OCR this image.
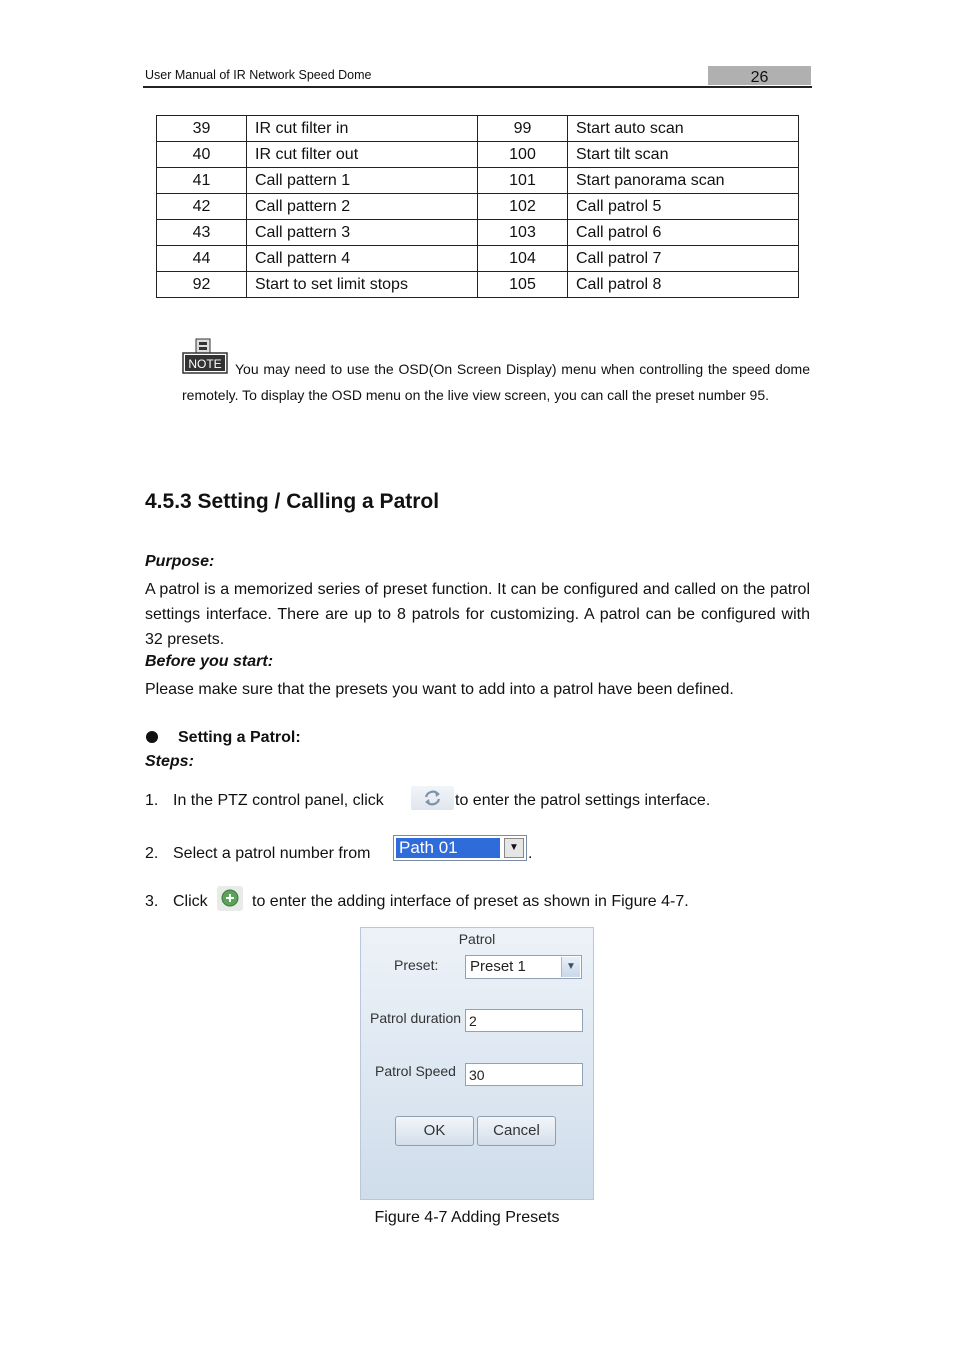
User Manual of IR Network Speed Dome	26
39	IR cut filter in	99	Start auto scan
40	IR cut filter out	100	Start tilt scan
41	Call pattern 1	101	Start panorama scan
42	Call pattern 2	102	Call patrol 5
43	Call pattern 3	103	Call patrol 6
44	Call pattern 4	104	Call patrol 7
92	Start to set limit stops	105	Call patrol 8
NOTE You may need to use the OSD(On Screen Display) menu when controlling the speed dome remotely. To display the OSD menu on the live view screen, you can call the preset number 95.
4.5.3 Setting / Calling a Patrol
Purpose:
A patrol is a memorized series of preset function. It can be configured and called on the patrol settings interface. There are up to 8 patrols for customizing. A patrol can be configured with 32 presets.
Before you start:
Please make sure that the presets you want to add into a patrol have been defined.
Setting a Patrol:
Steps:
1. In the PTZ control panel, click	to enter the patrol settings interface.
2. Select a patrol number from Path 01	▼ .
3. Click	to enter the adding interface of preset as shown in Figure 4-7.
Patrol
Preset:	Preset 1	▼
Patrol duration 2
Patrol Speed 30
OK	Cancel
Figure 4-7 Adding Presets
